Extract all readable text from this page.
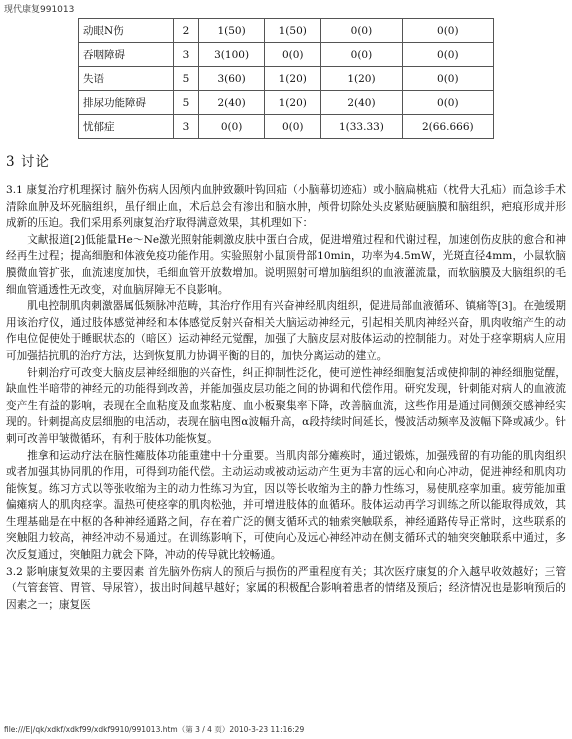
现代康复991013
动眼N伤	2	1(50)	1(50)	0(0)	0(0)
吞咽障碍	3	3(100)	0(0)	0(0)	0(0)
失语	5	3(60)	1(20)	1(20)	0(0)
排尿功能障碍	5	2(40)	1(20)	2(40)	0(0)
忧郁症	3	0(0)	0(0)	1(33.33)	2(66.666)
3 讨论

3.1 康复治疗机理探讨 脑外伤病人因颅内血肿致颞叶钩回疝（小脑幕切迹疝）或小脑扁桃疝（枕骨大孔疝）而急诊手术清除血肿及坏死脑组织，虽仔细止血，术后总会有渗出和脑水肿，颅骨切除处头皮紧贴硬脑膜和脑组织，疤痕形成并形成新的压迫。我们采用系列康复治疗取得满意效果，其机理如下：

文献报道[2]低能量He～Ne激光照射能刺激皮肤中蛋白合成，促进增殖过程和代谢过程，加速创伤皮肤的愈合和神经再生过程；提高细胞和体液免疫功能作用。实验照射小鼠顶骨部10min，功率为4.5mW，光斑直径4mm，小鼠软脑膜微血管扩张，血流速度加快，毛细血管开放数增加。说明照射可增加脑组织的血液灌流量，而软脑膜及大脑组织的毛细血管通透性无改变，对血脑屏障无不良影响。

肌电控制肌肉刺激器属低频脉冲范畴，其治疗作用有兴奋神经肌肉组织，促进局部血液循环、镇痛等[3]。在弛缓期用该治疗仪，通过肢体感觉神经和本体感觉反射兴奋相关大脑运动神经元，引起相关肌肉神经兴奋，肌肉收缩产生的动作电位促使处于睡眠状态的（暗区）运动神经元觉醒，加强了大脑皮层对肢体运动的控制能力。对处于痉挛期病人应用可加强拮抗肌的治疗方法，达到恢复肌力协调平衡的目的，加快分离运动的建立。

针刺治疗可改变大脑皮层神经细胞的兴奋性，纠正抑制性泛化，使可逆性神经细胞复活或使抑制的神经细胞觉醒，缺血性半暗带的神经元的功能得到改善，并能加强皮层功能之间的协调和代偿作用。研究发现，针刺能对病人的血液流变产生有益的影响，表现在全血粘度及血浆粘度、血小板聚集率下降，改善脑血流，这些作用是通过同侧颈交感神经实现的。针刺提高皮层细胞的电活动，表现在脑电图α波幅升高，α段持续时间延长，慢波活动频率及波幅下降或减少。针刺可改善甲皱微循环，有利于肢体功能恢复。

推拿和运动疗法在脑性瘫肢体功能重建中十分重要。当肌肉部分瘫痪时，通过锻炼，加强残留的有功能的肌肉组织或者加强其协同肌的作用，可得到功能代偿。主动运动或被动运动产生更为丰富的远心和向心冲动，促进神经和肌肉功能恢复。练习方式以等张收缩为主的动力性练习为宜，因以等长收缩为主的静力性练习，易使肌痉挛加重。疲劳能加重偏瘫病人的肌肉痉挛。温热可使痉挛的肌肉松弛，并可增进肢体的血循环。肢体运动再学习训练之所以能取得成效，其生理基础是在中枢的各种神经通路之间，存在着广泛的侧支循环式的轴索突触联系，神经通路传导正常时，这些联系的突触阻力较高，神经冲动不易通过。在训练影响下，可使向心及远心神经冲动在侧支循环式的轴突突触联系中通过，多次反复通过，突触阻力就会下降，冲动的传导就比较畅通。

3.2 影响康复效果的主要因素 首先脑外伤病人的预后与损伤的严重程度有关；其次医疗康复的介入越早收效越好；三管（气管套管、胃管、导尿管），拔出时间越早越好；家属的积极配合影响着患者的情绪及预后；经济情况也是影响预后的因素之一；康复医

file:///E|/qk/xdkf/xdkf99/xdkf9910/991013.htm（第 3 / 4 页）2010-3-23 11:16:29
